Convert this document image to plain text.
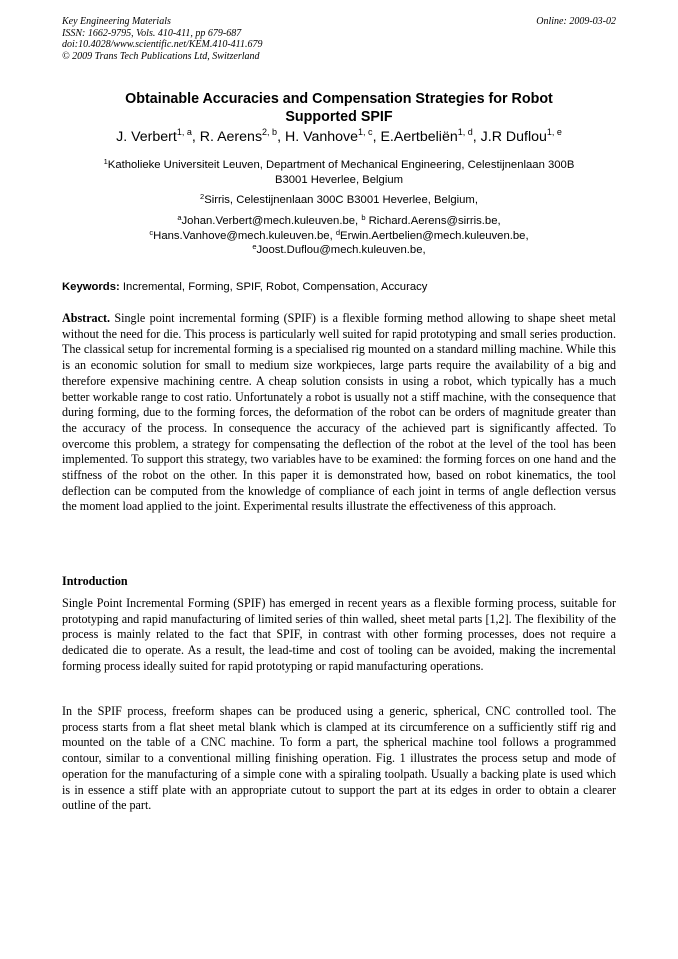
Key Engineering Materials
ISSN: 1662-9795, Vols. 410-411, pp 679-687
doi:10.4028/www.scientific.net/KEM.410-411.679
© 2009 Trans Tech Publications Ltd, Switzerland
Online: 2009-03-02
Obtainable Accuracies and Compensation Strategies for Robot
Supported SPIF
J. Verbert$^{1, a}$, R. Aerens$^{2, b}$, H. Vanhove$^{1, c}$, E.Aertbeliën$^{1, d}$, J.R Duflou$^{1, e}$
$^1$Katholieke Universiteit Leuven, Department of Mechanical Engineering, Celestijnenlaan 300B
B3001 Heverlee, Belgium
$^2$Sirris, Celestijnenlaan 300C B3001 Heverlee, Belgium,
$^a$Johan.Verbert@mech.kuleuven.be, $^b$ Richard.Aerens@sirris.be,
$^c$Hans.Vanhove@mech.kuleuven.be, $^d$Erwin.Aertbelien@mech.kuleuven.be,
$^e$Joost.Duflou@mech.kuleuven.be,
Keywords: Incremental, Forming, SPIF, Robot, Compensation, Accuracy
Abstract. Single point incremental forming (SPIF) is a flexible forming method allowing to shape sheet metal without the need for die. This process is particularly well suited for rapid prototyping and small series production. The classical setup for incremental forming is a specialised rig mounted on a standard milling machine. While this is an economic solution for small to medium size workpieces, large parts require the availability of a big and therefore expensive machining centre. A cheap solution consists in using a robot, which typically has a much better workable range to cost ratio. Unfortunately a robot is usually not a stiff machine, with the consequence that during forming, due to the forming forces, the deformation of the robot can be orders of magnitude greater than the accuracy of the process. In consequence the accuracy of the achieved part is significantly affected. To overcome this problem, a strategy for compensating the deflection of the robot at the level of the tool has been implemented. To support this strategy, two variables have to be examined: the forming forces on one hand and the stiffness of the robot on the other. In this paper it is demonstrated how, based on robot kinematics, the tool deflection can be computed from the knowledge of compliance of each joint in terms of angle deflection versus the moment load applied to the joint. Experimental results illustrate the effectiveness of this approach.
Introduction
Single Point Incremental Forming (SPIF) has emerged in recent years as a flexible forming process, suitable for prototyping and rapid manufacturing of limited series of thin walled, sheet metal parts [1,2]. The flexibility of the process is mainly related to the fact that SPIF, in contrast with other forming processes, does not require a dedicated die to operate. As a result, the lead-time and cost of tooling can be avoided, making the incremental forming process ideally suited for rapid prototyping or rapid manufacturing operations.
In the SPIF process, freeform shapes can be produced using a generic, spherical, CNC controlled tool. The process starts from a flat sheet metal blank which is clamped at its circumference on a sufficiently stiff rig and mounted on the table of a CNC machine. To form a part, the spherical machine tool follows a programmed contour, similar to a conventional milling finishing operation. Fig. 1 illustrates the process setup and mode of operation for the manufacturing of a simple cone with a spiraling toolpath. Usually a backing plate is used which is in essence a stiff plate with an appropriate cutout to support the part at its edges in order to obtain a clearer outline of the part.
